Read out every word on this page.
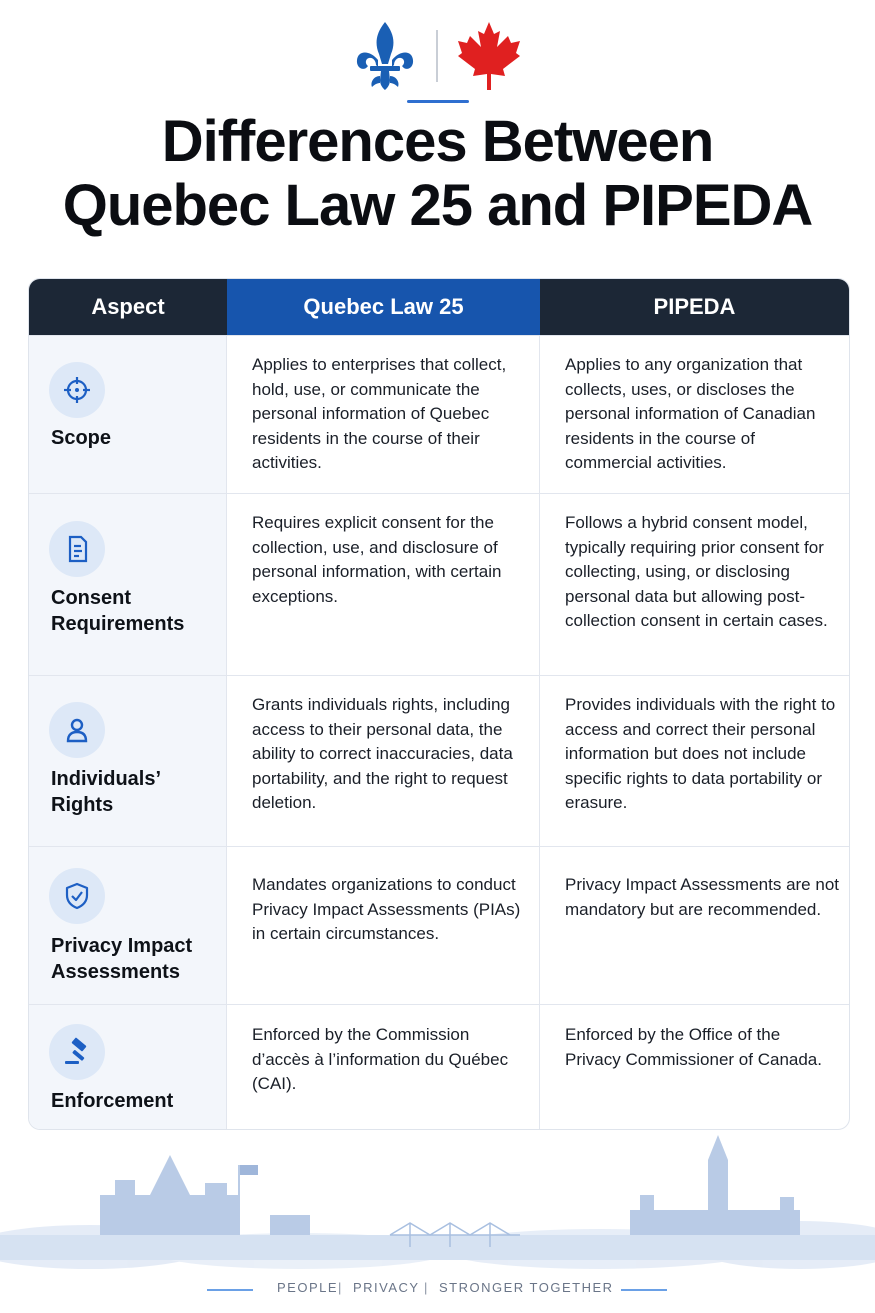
Differences Between
Quebec Law 25 and PIPEDA
Aspect	Quebec Law 25	PIPEDA
Scope
Applies to enterprises that collect, hold, use, or communicate the personal information of Quebec residents in the course of their activities.
Applies to any organization that collects, uses, or discloses the personal information of Canadian residents in the course of commercial activities.
Consent Requirements
Requires explicit consent for the collection, use, and disclosure of personal information, with certain exceptions.
Follows a hybrid consent model, typically requiring prior consent for collecting, using, or disclosing personal data but allowing post-collection consent in certain cases.
Individuals’ Rights
Grants individuals rights, including access to their personal data, the ability to correct inaccuracies, data portability, and the right to request deletion.
Provides individuals with the right to access and correct their personal information but does not include specific rights to data portability or erasure.
Privacy Impact Assessments
Mandates organizations to conduct Privacy Impact Assessments (PIAs) in certain circumstances.
Privacy Impact Assessments are not mandatory but are recommended.
Enforcement
Enforced by the Commission d’accès à l’information du Québec (CAI).
Enforced by the Office of the Privacy Commissioner of Canada.
PEOPLE | PRIVACY | STRONGER TOGETHER
